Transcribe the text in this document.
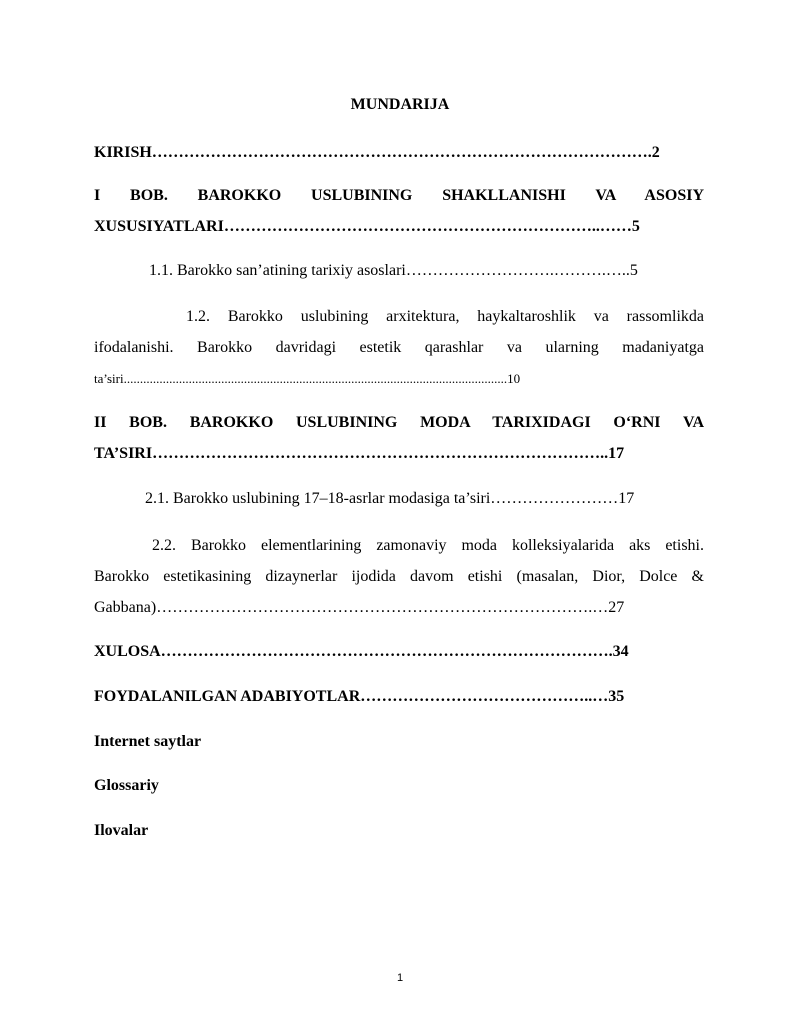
MUNDARIJA
KIRISH………………………………………………………………………………….2
I BOB. BAROKKO USLUBINING SHAKLLANISHI VA ASOSIY
XUSUSIYATLARI……………………………………………………………..……5
1.1. Barokko san’atining tarixiy asoslari……………………….……….…..5
1.2. Barokko uslubining arxitektura, haykaltaroshlik va rassomlikda
ifodalanishi. Barokko davridagi estetik qarashlar va ularning madaniyatga
ta’siri......................................................................................................................10
II BOB. BAROKKO USLUBINING MODA TARIXIDAGI O‘RNI VA
TA’SIRI…………………………………………………………………………..17
2.1. Barokko uslubining 17–18-asrlar modasiga ta’siri……………………17
2.2. Barokko elementlarining zamonaviy moda kolleksiyalarida aks etishi.
Barokko estetikasining dizaynerlar ijodida davom etishi (masalan, Dior, Dolce &
Gabbana)……………………………………………………………………….…27
XULOSA………………………………………………………………………….34
FOYDALANILGAN ADABIYOTLAR……………………………………..…35
Internet saytlar
Glossariy
Ilovalar
1
